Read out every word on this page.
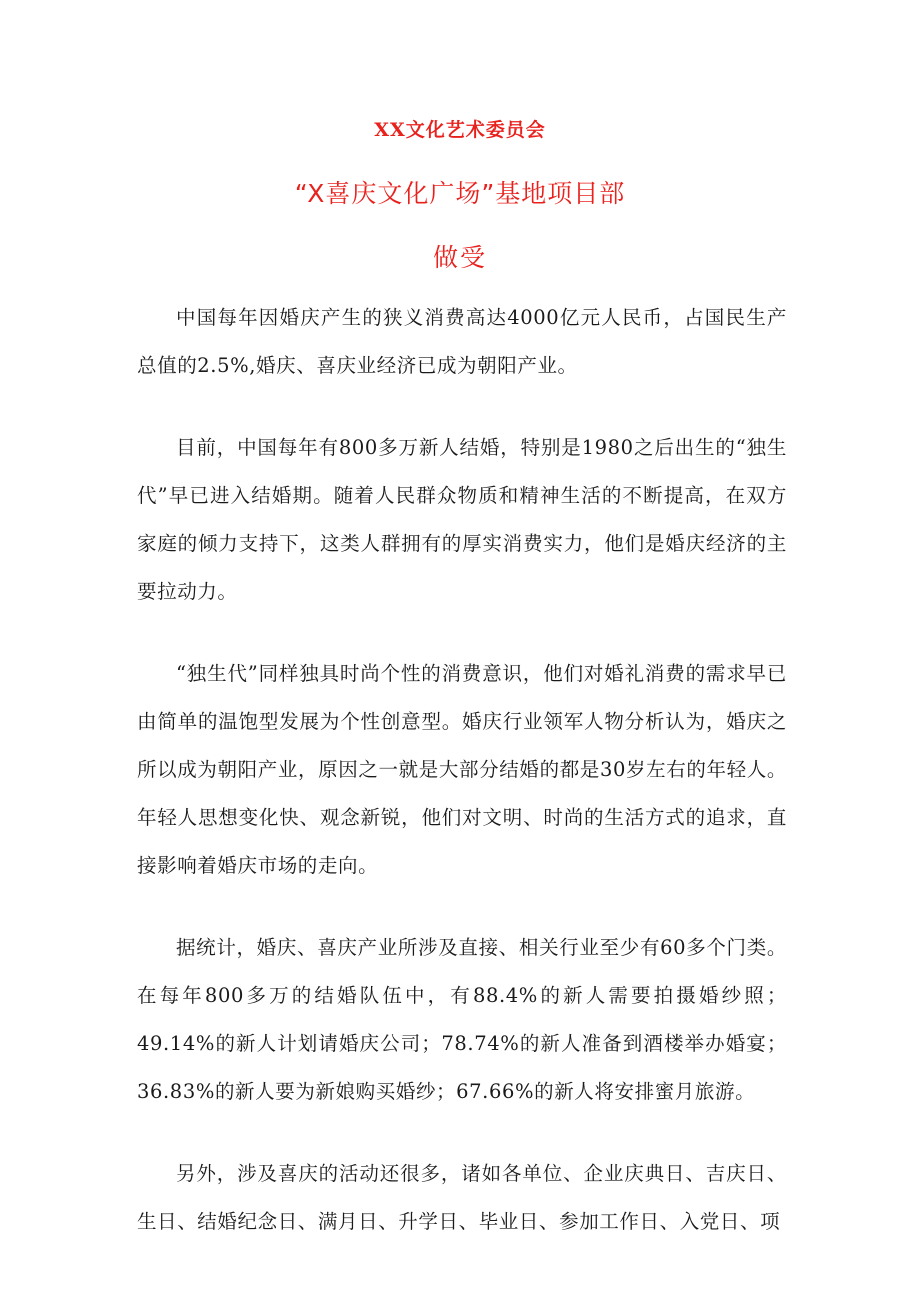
XX文化艺术委员会
“X喜庆文化广场”基地项目部
做受

中国每年因婚庆产生的狭义消费高达4000亿元人民币，占国民生产总值的2.5%,婚庆、喜庆业经济已成为朝阳产业。

目前，中国每年有800多万新人结婚，特别是1980之后出生的“独生代”早已进入结婚期。随着人民群众物质和精神生活的不断提高，在双方家庭的倾力支持下，这类人群拥有的厚实消费实力，他们是婚庆经济的主要拉动力。

“独生代”同样独具时尚个性的消费意识，他们对婚礼消费的需求早已由简单的温饱型发展为个性创意型。婚庆行业领军人物分析认为，婚庆之所以成为朝阳产业，原因之一就是大部分结婚的都是30岁左右的年轻人。年轻人思想变化快、观念新锐，他们对文明、时尚的生活方式的追求，直接影响着婚庆市场的走向。

据统计，婚庆、喜庆产业所涉及直接、相关行业至少有60多个门类。在每年800多万的结婚队伍中，有88.4%的新人需要拍摄婚纱照；49.14%的新人计划请婚庆公司；78.74%的新人准备到酒楼举办婚宴；36.83%的新人要为新娘购买婚纱；67.66%的新人将安排蜜月旅游。

另外，涉及喜庆的活动还很多，诸如各单位、企业庆典日、吉庆日、生日、结婚纪念日、满月日、升学日、毕业日、参加工作日、入党日、项
